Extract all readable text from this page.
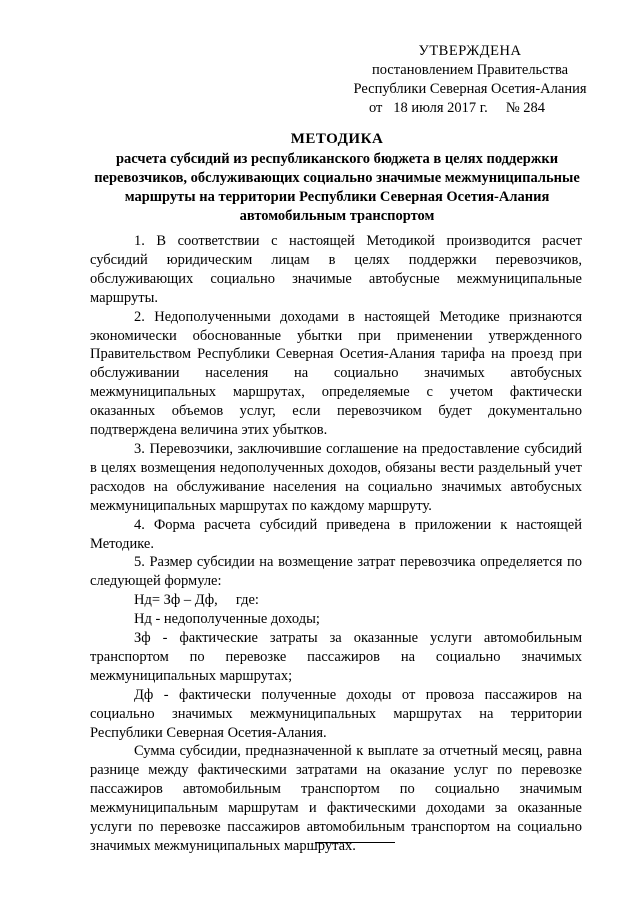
УТВЕРЖДЕНА
постановлением Правительства
Республики Северная Осетия-Алания
от   18 июля 2017 г.     № 284
МЕТОДИКА
расчета субсидий из республиканского бюджета в целях поддержки перевозчиков, обслуживающих социально значимые межмуниципальные маршруты на территории Республики Северная Осетия-Алания автомобильным транспортом

1. В соответствии с настоящей Методикой производится расчет субсидий юридическим лицам в целях поддержки перевозчиков, обслуживающих социально значимые автобусные межмуниципальные маршруты.

2. Недополученными доходами в настоящей Методике признаются экономически обоснованные убытки при применении утвержденного Правительством Республики Северная Осетия-Алания тарифа на проезд при обслуживании населения на социально значимых автобусных межмуниципальных маршрутах, определяемые с учетом фактически оказанных объемов услуг, если перевозчиком будет документально подтверждена величина этих убытков.

3. Перевозчики, заключившие соглашение на предоставление субсидий в целях возмещения недополученных доходов, обязаны вести раздельный учет расходов на обслуживание населения на социально значимых автобусных межмуниципальных маршрутах по каждому маршруту.

4. Форма расчета субсидий приведена в приложении к настоящей Методике.

5. Размер субсидии на возмещение затрат перевозчика определяется по следующей формуле:

Нд= Зф – Дф,     где:

Нд - недополученные доходы;

Зф - фактические затраты за оказанные услуги автомобильным транспортом по перевозке пассажиров на социально значимых межмуниципальных маршрутах;

Дф - фактически полученные доходы от провоза пассажиров на социально значимых межмуниципальных маршрутах на территории Республики Северная Осетия-Алания.

Сумма субсидии, предназначенной к выплате за отчетный месяц, равна разнице между фактическими затратами на оказание услуг по перевозке пассажиров автомобильным транспортом по социально значимым межмуниципальным маршрутам и фактическими доходами за оказанные услуги по перевозке пассажиров автомобильным транспортом на социально значимых межмуниципальных маршрутах.
